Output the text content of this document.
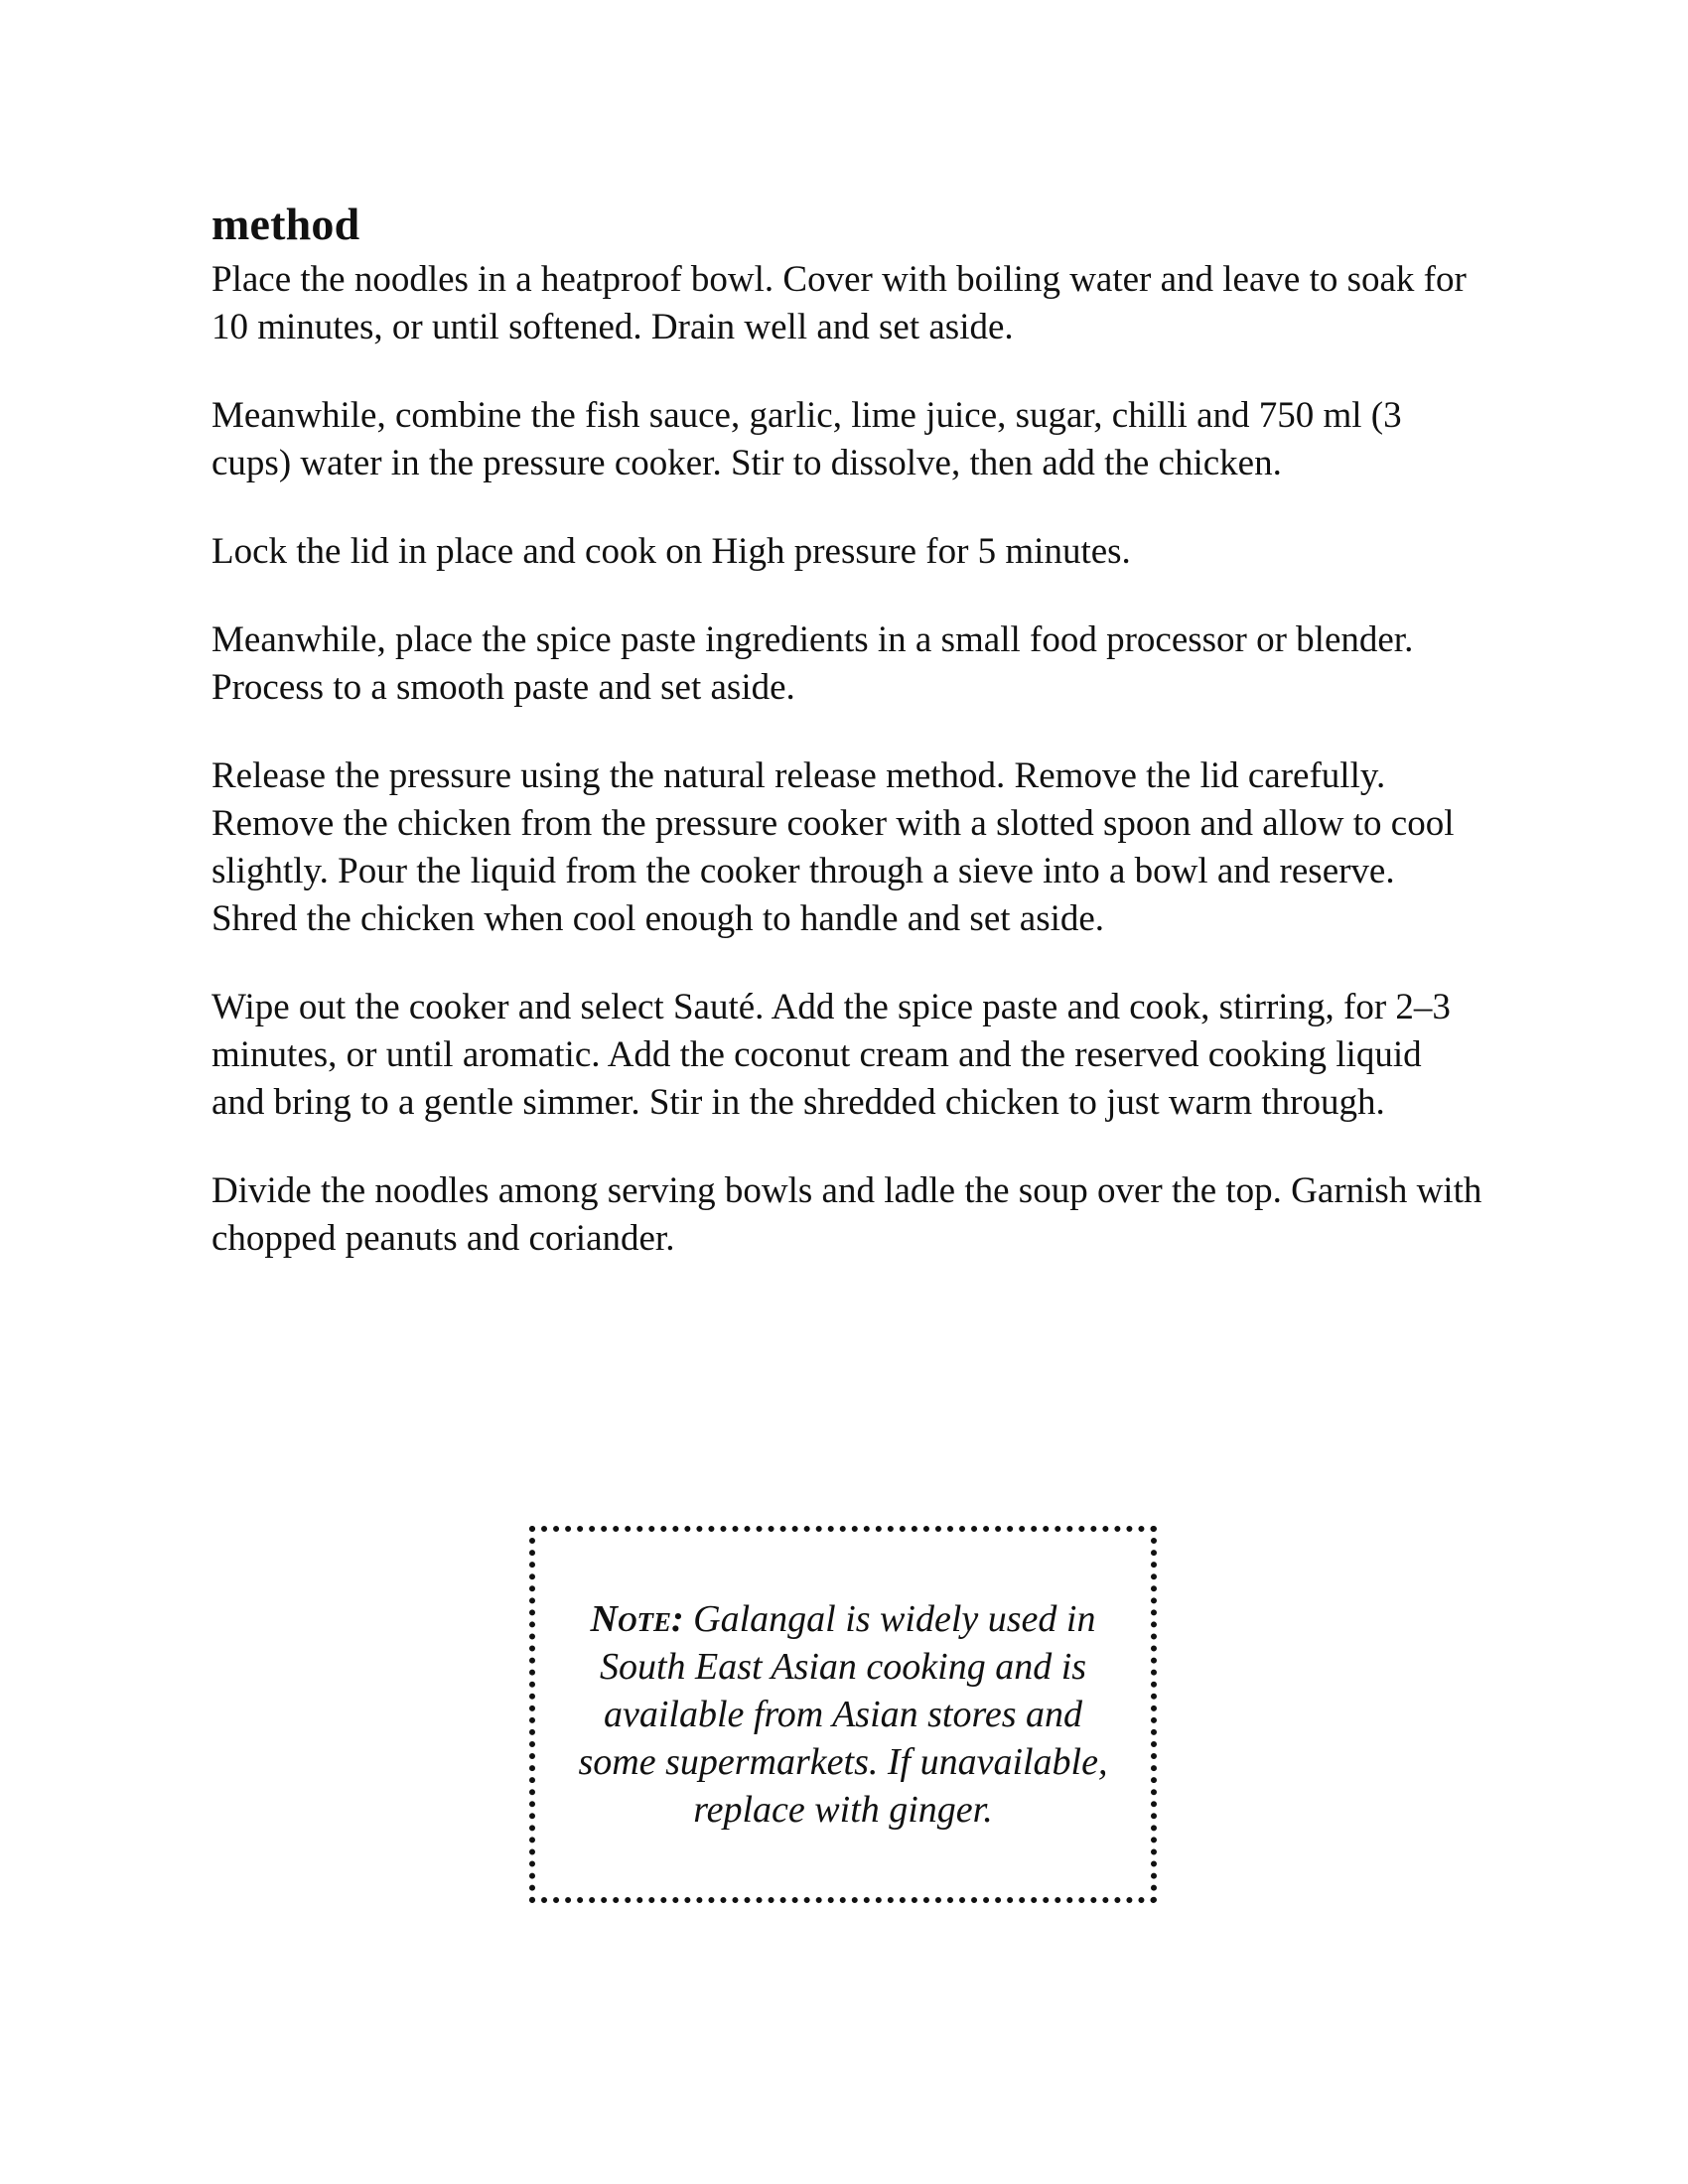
method

Place the noodles in a heatproof bowl. Cover with boiling water and leave to soak for 10 minutes, or until softened. Drain well and set aside.

Meanwhile, combine the fish sauce, garlic, lime juice, sugar, chilli and 750 ml (3 cups) water in the pressure cooker. Stir to dissolve, then add the chicken.

Lock the lid in place and cook on High pressure for 5 minutes.

Meanwhile, place the spice paste ingredients in a small food processor or blender. Process to a smooth paste and set aside.

Release the pressure using the natural release method. Remove the lid carefully. Remove the chicken from the pressure cooker with a slotted spoon and allow to cool slightly. Pour the liquid from the cooker through a sieve into a bowl and reserve. Shred the chicken when cool enough to handle and set aside.

Wipe out the cooker and select Sauté. Add the spice paste and cook, stirring, for 2–3 minutes, or until aromatic. Add the coconut cream and the reserved cooking liquid and bring to a gentle simmer. Stir in the shredded chicken to just warm through.

Divide the noodles among serving bowls and ladle the soup over the top. Garnish with chopped peanuts and coriander.

Note: Galangal is widely used in South East Asian cooking and is available from Asian stores and some supermarkets. If unavailable, replace with ginger.
